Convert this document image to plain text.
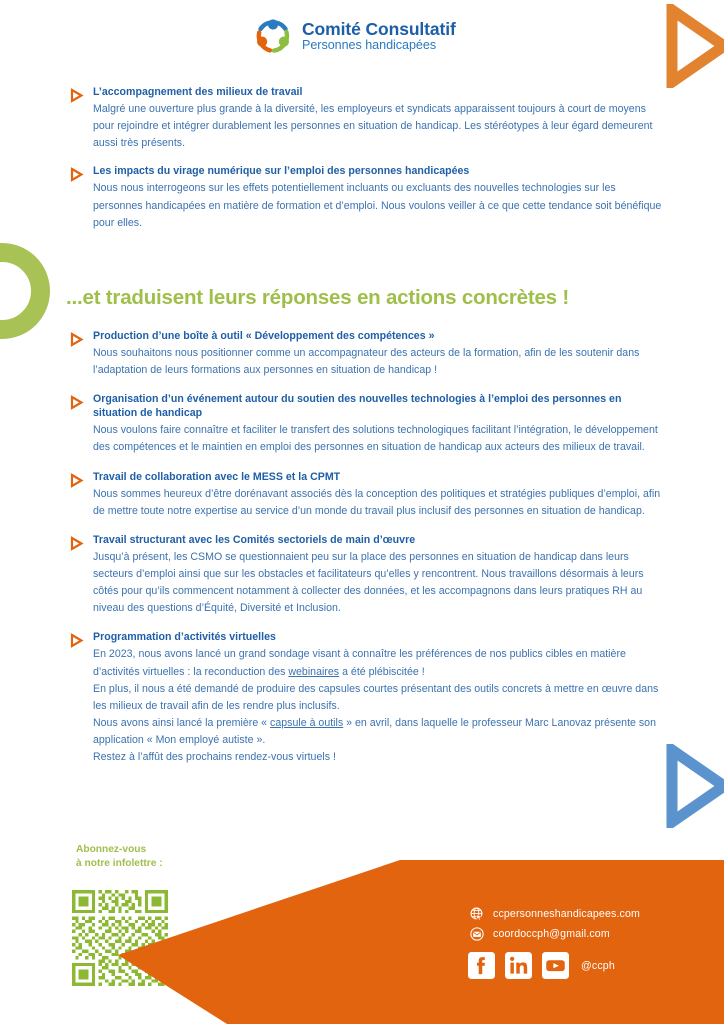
Comité Consultatif
Personnes handicapées

L’accompagnement des milieux de travail

Malgré une ouverture plus grande à la diversité, les employeurs et syndicats apparaissent toujours à court de moyens pour rejoindre et intégrer durablement les personnes en situation de handicap. Les stéréotypes à leur égard demeurent aussi très présents.

Les impacts du virage numérique sur l’emploi des personnes handicapées

Nous nous interrogeons sur les effets potentiellement incluants ou excluants des nouvelles technologies sur les personnes handicapées en matière de formation et d’emploi. Nous voulons veiller à ce que cette tendance soit bénéfique pour elles.

...et traduisent leurs réponses en actions concrètes !

Production d’une boîte à outil « Développement des compétences »

Nous souhaitons nous positionner comme un accompagnateur des acteurs de la formation, afin de les soutenir dans l’adaptation de leurs formations aux personnes en situation de handicap !

Organisation d’un événement autour du soutien des nouvelles technologies à l’emploi des personnes en situation de handicap

Nous voulons faire connaître et faciliter le transfert des solutions technologiques facilitant l’intégration, le développement des compétences et le maintien en emploi des personnes en situation de handicap aux acteurs des milieux de travail.

Travail de collaboration avec le MESS et la CPMT

Nous sommes heureux d’être dorénavant associés dès la conception des politiques et stratégies publiques d’emploi, afin de mettre toute notre expertise au service d’un monde du travail plus inclusif des personnes en situation de handicap.

Travail structurant avec les Comités sectoriels de main d’œuvre

Jusqu’à présent, les CSMO se questionnaient peu sur la place des personnes en situation de handicap dans leurs secteurs d’emploi ainsi que sur les obstacles et facilitateurs qu’elles y rencontrent. Nous travaillons désormais à leurs côtés pour qu’ils commencent notamment à collecter des données, et les accompagnons dans leurs pratiques RH au niveau des questions d’Équité, Diversité et Inclusion.

Programmation d’activités virtuelles

En 2023, nous avons lancé un grand sondage visant à connaître les préférences de nos publics cibles en matière d’activités virtuelles : la reconduction des webinaires a été plébiscitée !

En plus, il nous a été demandé de produire des capsules courtes présentant des outils concrets à mettre en œuvre dans les milieux de travail afin de les rendre plus inclusifs.

Nous avons ainsi lancé la première « capsule à outils » en avril, dans laquelle le professeur Marc Lanovaz présente son application « Mon employé autiste ».

Restez à l’affût des prochains rendez-vous virtuels !

Abonnez-vous
à notre infolettre :
ccpersonneshandicapees.com
coordoccph@gmail.com
@ccph
